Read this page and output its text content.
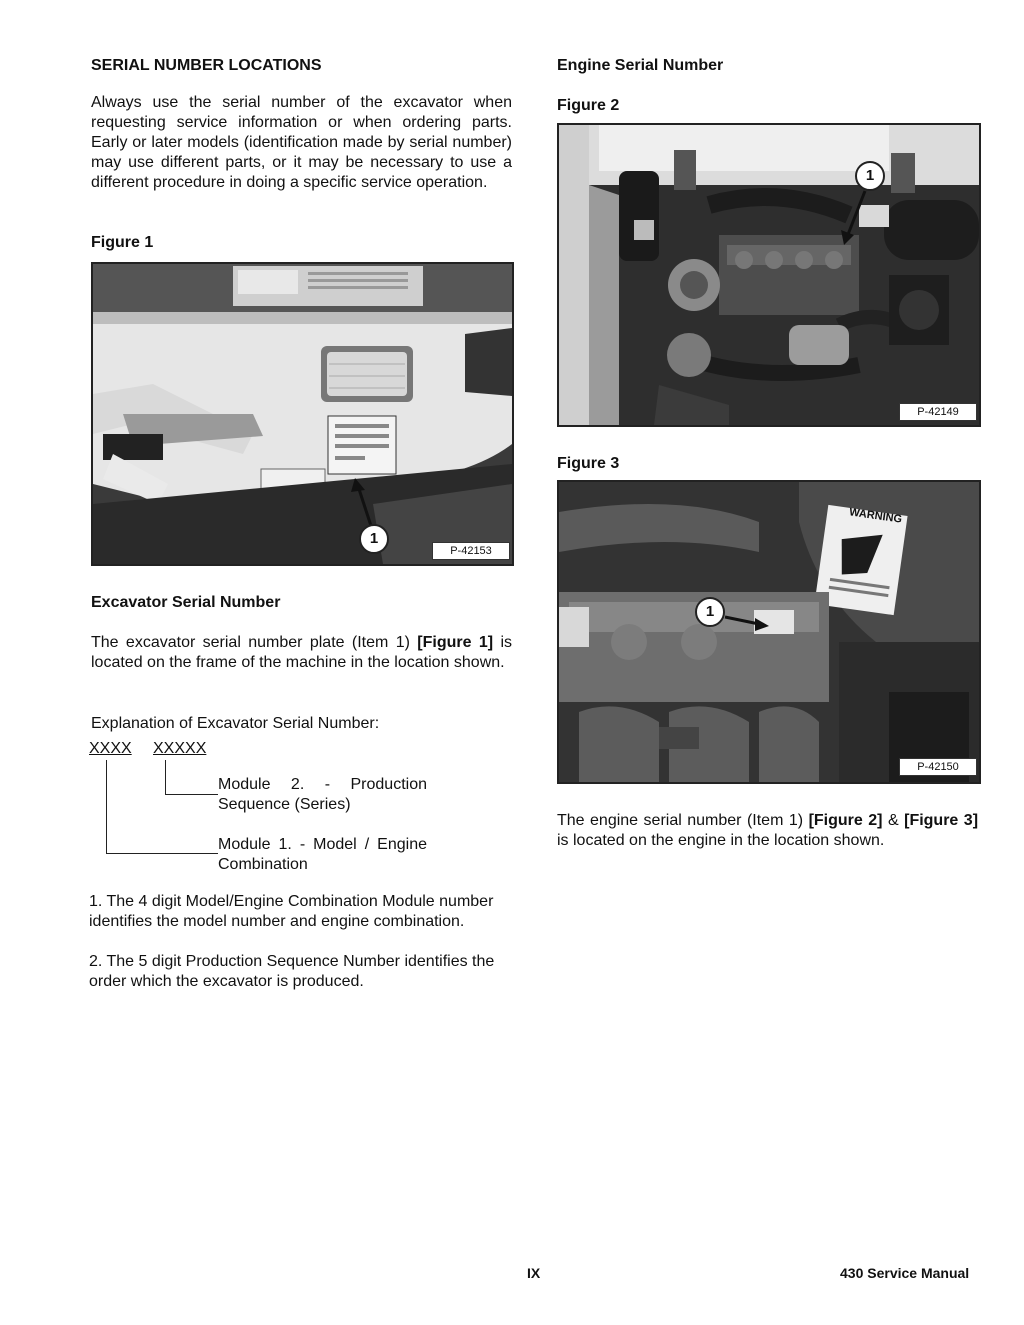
SERIAL NUMBER LOCATIONS
Always use the serial number of the excavator when requesting service information or when ordering parts. Early or later models (identification made by serial number) may use different parts, or it may be necessary to use a different procedure in doing a specific service operation.
Figure 1
1
P-42153
Excavator Serial Number
The excavator serial number plate (Item 1) [Figure 1] is located on the frame of the machine in the location shown.
Explanation of Excavator Serial Number:
XXXX XXXXX
Module 2. - Production Sequence (Series)
Module 1. - Model / Engine Combination
1. The 4 digit Model/Engine Combination Module number identifies the model number and engine combination.
2. The 5 digit Production Sequence Number identifies the order which the excavator is produced.
Engine Serial Number
Figure 2
1
P-42149
Figure 3
WARNING
1
P-42150
The engine serial number (Item 1) [Figure 2] & [Figure 3] is located on the engine in the location shown.
IX	430 Service Manual
